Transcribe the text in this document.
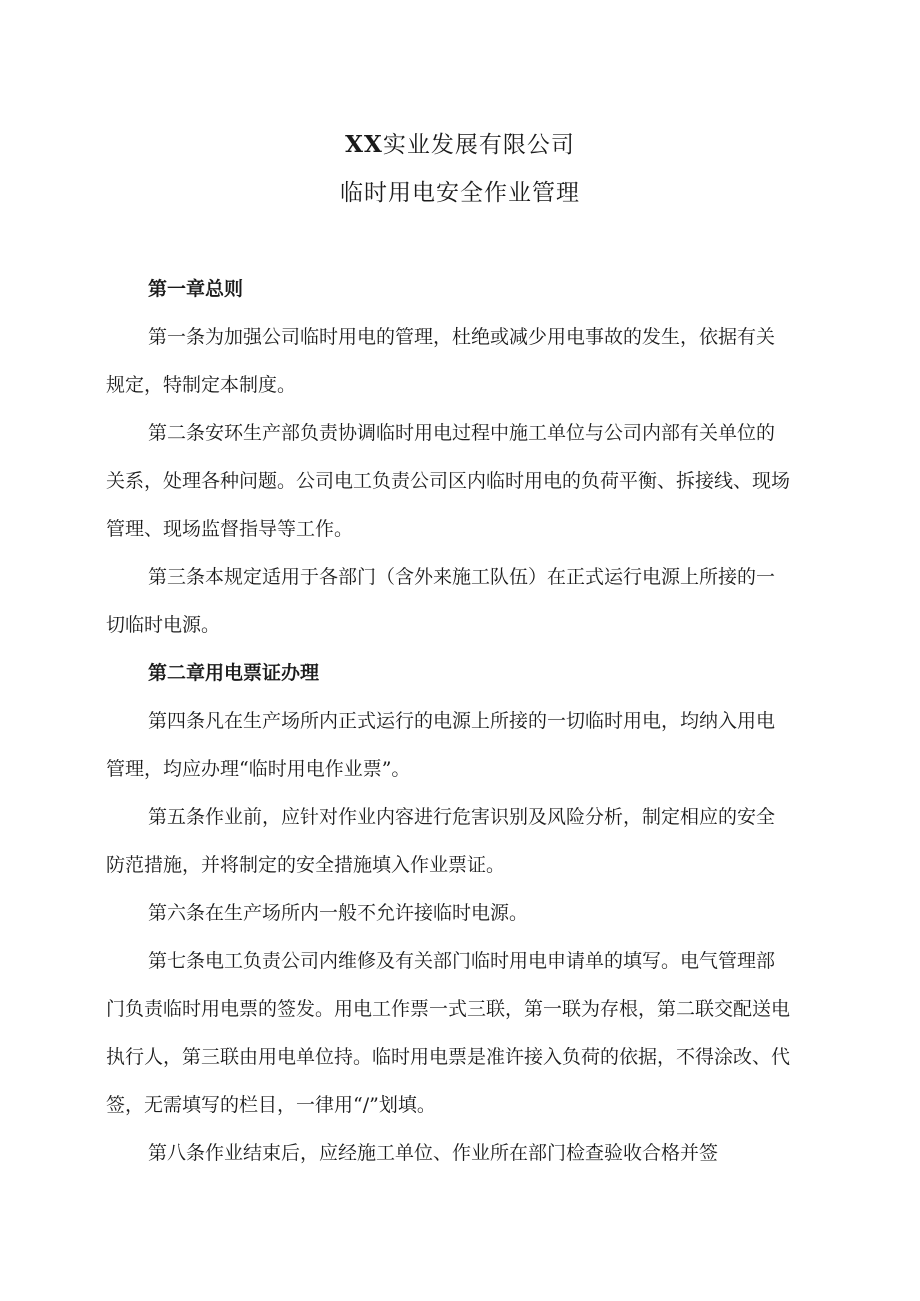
XX实业发展有限公司
临时用电安全作业管理
第一章总则
第一条为加强公司临时用电的管理，杜绝或减少用电事故的发生，依据有关
规定，特制定本制度。
第二条安环生产部负责协调临时用电过程中施工单位与公司内部有关单位的
关系，处理各种问题。公司电工负责公司区内临时用电的负荷平衡、拆接线、现场
管理、现场监督指导等工作。
第三条本规定适用于各部门（含外来施工队伍）在正式运行电源上所接的一
切临时电源。
第二章用电票证办理
第四条凡在生产场所内正式运行的电源上所接的一切临时用电，均纳入用电
管理，均应办理“临时用电作业票”。
第五条作业前，应针对作业内容进行危害识别及风险分析，制定相应的安全
防范措施，并将制定的安全措施填入作业票证。
第六条在生产场所内一般不允许接临时电源。
第七条电工负责公司内维修及有关部门临时用电申请单的填写。电气管理部
门负责临时用电票的签发。用电工作票一式三联，第一联为存根，第二联交配送电
执行人，第三联由用电单位持。临时用电票是准许接入负荷的依据，不得涂改、代
签，无需填写的栏目，一律用“/”划填。
第八条作业结束后，应经施工单位、作业所在部门检查验收合格并签
